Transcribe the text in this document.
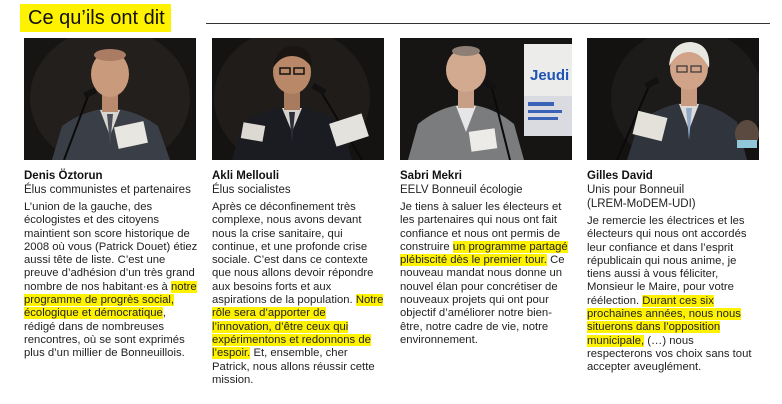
Ce qu’ils ont dit
Denis Öztorun
Élus communistes et partenaires
L’union de la gauche, des écologistes et des citoyens maintient son score historique de 2008 où vous (Patrick Douet) étiez aussi tête de liste. C’est une preuve d’adhésion d’un très grand nombre de nos habitant·es à notre programme de progrès social, écologique et démocratique, rédigé dans de nombreuses rencontres, où se sont exprimés plus d’un millier de Bonneuillois.
Akli Mellouli
Élus socialistes
Après ce déconfinement très complexe, nous avons devant nous la crise sanitaire, qui continue, et une profonde crise sociale. C’est dans ce contexte que nous allons devoir répondre aux besoins forts et aux aspirations de la population. Notre rôle sera d’apporter de l’innovation, d’être ceux qui expérimentons et redonnons de l’espoir. Et, ensemble, cher Patrick, nous allons réussir cette mission.
Jeudi
Sabri Mekri
EELV Bonneuil écologie
Je tiens à saluer les électeurs et les partenaires qui nous ont fait confiance et nous ont permis de construire un programme partagé plébiscité dès le premier tour. Ce nouveau mandat nous donne un nouvel élan pour concrétiser de nouveaux projets qui ont pour objectif d’améliorer notre bien-être, notre cadre de vie, notre environnement.
Gilles David
Unis pour Bonneuil
(LREM-MoDEM-UDI)
Je remercie les électrices et les électeurs qui nous ont accordés leur confiance et dans l’esprit républicain qui nous anime, je tiens aussi à vous féliciter, Monsieur le Maire, pour votre réélection. Durant ces six prochaines années, nous nous situerons dans l’opposition municipale, (…) nous respecterons vos choix sans tout accepter aveuglément.
